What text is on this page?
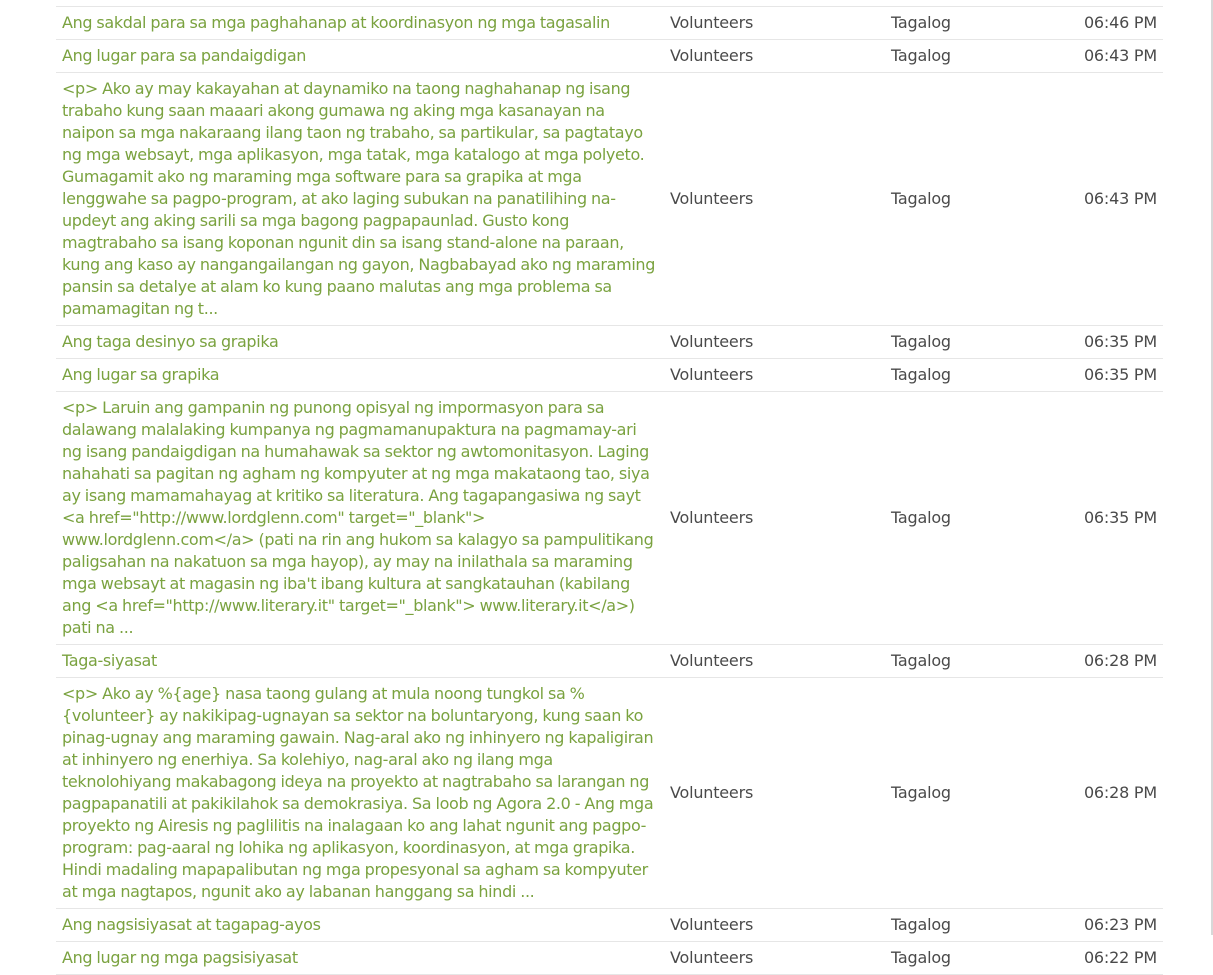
Ang sakdal para sa mga paghahanap at koordinasyon ng mga tagasalin	Volunteers	Tagalog	06:46 PM
Ang lugar para sa pandaigdigan	Volunteers	Tagalog	06:43 PM
<p> Ako ay may kakayahan at daynamiko na taong naghahanap ng isang trabaho kung saan maaari akong gumawa ng aking mga kasanayan na naipon sa mga nakaraang ilang taon ng trabaho, sa partikular, sa pagtatayo ng mga websayt, mga aplikasyon, mga tatak, mga katalogo at mga polyeto. Gumagamit ako ng maraming mga software para sa grapika at mga lenggwahe sa pagpo-program, at ako laging subukan na panatilihing na-updeyt ang aking sarili sa mga bagong pagpapaunlad. Gusto kong magtrabaho sa isang koponan ngunit din sa isang stand-alone na paraan, kung ang kaso ay nangangailangan ng gayon, Nagbabayad ako ng maraming pansin sa detalye at alam ko kung paano malutas ang mga problema sa pamamagitan ng t...	Volunteers	Tagalog	06:43 PM
Ang taga desinyo sa grapika	Volunteers	Tagalog	06:35 PM
Ang lugar sa grapika	Volunteers	Tagalog	06:35 PM
<p> Laruin ang gampanin ng punong opisyal ng impormasyon para sa dalawang malalaking kumpanya ng pagmamanupaktura na pagmamay-ari ng isang pandaigdigan na humahawak sa sektor ng awtomonitasyon. Laging nahahati sa pagitan ng agham ng kompyuter at ng mga makataong tao, siya ay isang mamamahayag at kritiko sa literatura. Ang tagapangasiwa ng sayt <a href="http://www.lordglenn.com" target="_blank"> www.lordglenn.com</a> (pati na rin ang hukom sa kalagyo sa pampulitikang paligsahan na nakatuon sa mga hayop), ay may na inilathala sa maraming mga websayt at magasin ng iba't ibang kultura at sangkatauhan (kabilang ang <a href="http://www.literary.it" target="_blank"> www.literary.it</a>) pati na ...	Volunteers	Tagalog	06:35 PM
Taga-siyasat	Volunteers	Tagalog	06:28 PM
<p> Ako ay %{age} nasa taong gulang at mula noong tungkol sa %{volunteer} ay nakikipag-ugnayan sa sektor na boluntaryong, kung saan ko pinag-ugnay ang maraming gawain. Nag-aral ako ng inhinyero ng kapaligiran at inhinyero ng enerhiya. Sa kolehiyo, nag-aral ako ng ilang mga teknolohiyang makabagong ideya na proyekto at nagtrabaho sa larangan ng pagpapanatili at pakikilahok sa demokrasiya. Sa loob ng Agora 2.0 - Ang mga proyekto ng Airesis ng paglilitis na inalagaan ko ang lahat ngunit ang pagpo-program: pag-aaral ng lohika ng aplikasyon, koordinasyon, at mga grapika. Hindi madaling mapapalibutan ng mga propesyonal sa agham sa kompyuter at mga nagtapos, ngunit ako ay labanan hanggang sa hindi ...	Volunteers	Tagalog	06:28 PM
Ang nagsisiyasat at tagapag-ayos	Volunteers	Tagalog	06:23 PM
Ang lugar ng mga pagsisiyasat	Volunteers	Tagalog	06:22 PM
